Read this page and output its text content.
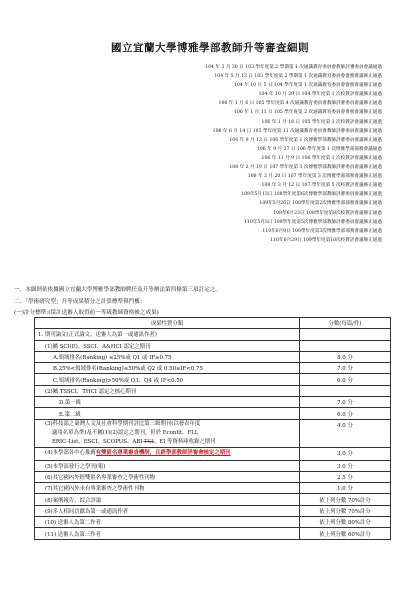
國立宜蘭大學博雅學部教師升等審查細則
104 年 3 月 30 日 103 學年度第 2 學期第 1 次通識教育委員會教師評審委員會議通過
104 年 5 月 13 日 103 學年度第 2 學期第 1 次通識教育委員會會務會議修正通過
104 年 10 月 5 日 104 學年度第 1 次通識教育委員會會務會議修正通過
104 年 10 月 29 日 104 學年度第 1 次校教評會議修正通過
106 年 1 月 6 日 105 學年度第 4 次通識教育委員會教師評審委員會議修正通過
106 年 1 月 11 日 105 學年度第 2 次通識教育委員會會務會議修正通過
106 年 1 月 18 日 105 學年度第 3 次校教評會議修正通過
106 年 6 月 14 日 105 學年度第 11 次通識教育委員會教師評審委員會議修正通過
106 年 9 月 13 日 106 學年度第 1 次博雅學部教師評審委員會議修正通過
106 年 9 月 27 日 106 學年度第 1 次博雅學部部務會議通過
106 年 11 月 9 日 106 學年度第 1 次校教評會議修正通過
108 年 2 月 19 日 107 學年度第 3 次博雅學部教師評審委員會議修正通過
108 年 2 月 20 日 107 學年度第 3 次博雅學部部務會議修正通過
108 年 3 月 12 日 107 學年度第 5 次校教評會議修正通過
109年5月13日 108學年度第6次博雅學部教師評審委員會議修正通過
109年5月26日 108學年度第2次博雅學部部務會議修正通過
109年6月23日 108學年度第8次校教評會議修正通過
110年5月5日 109學年度第5次博雅學部教師評審委員會議修正通過
110年6月9日 109學年度第3次博雅學部部務會議修正通過
110年6月29日 109學年度第10次校教評會議修正通過
一、本細則依依據國立宜蘭大學博雅學部教師聘任及升等辦法第四條第三項訂定之。
二、「學術研究型」升等成果積分之計算標準與門檻：
(一)計分標準:(採計送審人取得前一等級教師資格後之成果)
成果性質分類	分數(每篇/件)
1. 期刊論文(正式論文、送審人為第一或通訊作者)	
(1)屬 SCI(E)、SSCI、A&HCI 認定之期刊	
A.領域排名(Ranking) ≤25%或 Q1 或 IF≥0.75	8.0 分
B.25%<領域排名(Ranking)≤50%或 Q2 或 0.50≤IF<0.75	7.0 分
C.領域排名(Ranking)>50%或 Q3、Q4 或 IF<0.50	6.0 分
(2)屬 TSSCI、THCI 認定之核心期刊	
D.第一級	7.0 分
E.第二級	6.0 分

(3)科技部之臺灣人文及社會科學期刊評比第三級期刊(以發表年度
適用名單為準)及不屬(1)(2)認定之期刊，但於 Econlit、FLI、
ERIC-List、ESCI、SCOPUS、ABI-TCI、EI 等資料庫收錄之期刊	4.0 分
(4)本學部各中心推薦有雙匿名專業審查機制，且經學部教師評審會核定之期刊	3.0 分
(5)本學部發行之學刊(報)	3.0 分
(6)其它國內外經雙匿名專業審查之學術性刊物	2.5 分
(7)其它國內外未有專業審查之學術性刊物	1.0 分
(8)案例報告、綜合評論	依上列分數 70%計分
(9)多人相同貢獻為第一或通訊作者	依上列分數 70%計分
(10) 送審人為第二作者	依上列分數 80%計分
(11) 送審人為第三作者	依上列分數 60%計分
